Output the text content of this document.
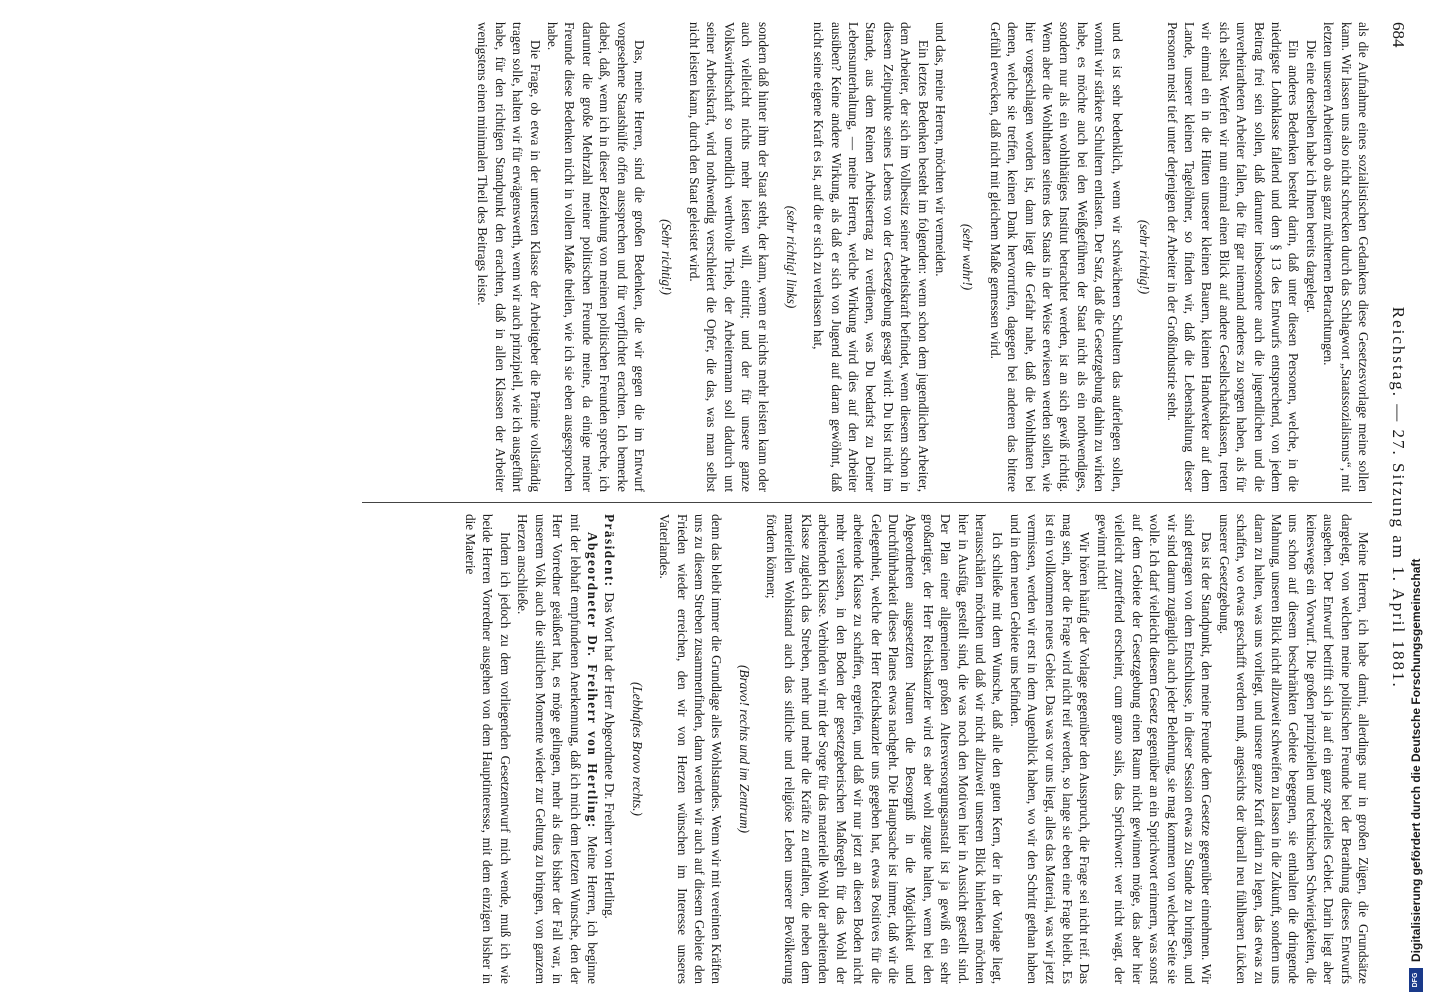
684
Reichstag. — 27. Sitzung am 1. April 1881.

als die Aufnahme eines sozialistischen Gedankens diese Gesetzesvorlage meine sollen kann. Wir lassen uns also nicht schrecken durch das Schlagwort „Staatssozialismus“, mit letzten unseren Arbeitern ob aus ganz nüchternen Betrachtungen.

Die eine derselben habe ich Ihnen bereits dargelegt.

Ein anderes Bedenken besteht darin, daß unter diesen Personen, welche, in die niedrigste Lohnklasse fallend und dem § 13 des Entwurfs entsprechend, von jedem Beitrag frei sein sollen, daß darunter insbesondere auch die jugendlichen und die unverheiratheten Arbeiter fallen, die für gar niemand anderes zu sorgen haben, als für sich selbst. Werfen wir nun einmal einen Blick auf andere Gesellschaftsklassen, treten wir einmal ein in die Hütten unserer kleinen Bauern, kleinen Handwerker auf dem Lande, unserer kleinen Tagelöhner, so finden wir, daß die Lebenshaltung dieser Personen meist tief unter derjenigen der Arbeiter in der Großindustrie steht.

(sehr richtig!)

und es ist sehr bedenklich, wenn wir schwächeren Schultern das auferlegen sollen, womit wir stärkere Schultern entlasten. Der Satz, daß die Gesetzgebung dahin zu wirken habe, es möchte auch bei den Weißgeführen der Staat nicht als ein nothwendiges, sondern nur als ein wohlthätiges Institut betrachtet werden, ist an sich gewiß richtig. Wenn aber die Wohlthaten seitens des Staats in der Weise erwiesen werden sollen, wie hier vorgeschlagen worden ist, dann liegt die Gefahr nahe, daß die Wohlthaten bei denen, welche sie treffen, keinen Dank hervorrufen, dagegen bei anderen das bittere Gefühl erwecken, daß nicht mit gleichem Maße gemessen wird.

(sehr wahr!)

und das, meine Herren, möchten wir vermeiden.

Ein letztes Bedenken besteht im folgenden: wenn schon dem jugendlichen Arbeiter, dem Arbeiter, der sich im Vollbesitz seiner Arbeitskraft befindet, wenn diesem schon in diesem Zeitpunkte seines Lebens von der Gesetzgebung gesagt wird: Du bist nicht im Stande, aus dem Reinen Arbeitsertrag zu verdienen, was Du bedarfst zu Deiner Lebensunterhaltung, — meine Herren, welche Wirkung wird dies auf den Arbeiter ausüben? Keine andere Wirkung, als daß er sich von Jugend auf daran gewöhnt, daß nicht seine eigene Kraft es ist, auf die er sich zu verlassen hat,

(sehr richtig! links)

sondern daß hinter ihm der Staat steht, der kann, wenn er nichts mehr leisten kann oder auch vielleicht nichts mehr leisten will, eintritt; und der für unsere ganze Volkswirthschaft so unendlich werthvolle Trieb, der Arbeitermann soll dadurch unt seiner Arbeitskraft, wird nothwendig verschleiert die Opfer, die das, was man selbst nicht leisten kann, durch den Staat geleistet wird.

(Sehr richtig!)

Das, meine Herren, sind die großen Bedenken, die wir gegen die im Entwurf vorgesehene Staatshülfe offen aussprechen und für verpflichtet erachten. Ich bemerke dabei, daß, wenn ich in dieser Beziehung von meinen politischen Freunden spreche, ich darunter die große Mehrzahl meiner politischen Freunde meine, da einige meiner Freunde diese Bedenken nicht in vollem Maße theilen, wie ich sie eben ausgesprochen habe.

Die Frage, ob etwa in der untersten Klasse der Arbeitgeber die Prämie vollständig tragen solle, halten wir für erwägenswerth, wenn wir auch prinzipiell, wie ich ausgeführt habe, für den richtigen Standpunkt den erachten, daß in allen Klassen der Arbeiter wenigstens einen minimalen Theil des Beitrags leiste.

Meine Herren, ich habe damit, allerdings nur in großen Zügen, die Grundsätze dargelegt, von welchen meine politischen Freunde bei der Berathung dieses Entwurfs ausgehen. Der Entwurf betrifft sich ja auf ein ganz spezielles Gebiet. Darin liegt aber keineswegs ein Vorwurf. Die großen prinzipiellen und technischen Schwierigkeiten, die uns schon auf diesem beschränkten Gebiete begegnen, sie enthalten die dringende Mahnung, unseren Blick nicht allzuweit schweifen zu lassen in die Zukunft, sondern uns daran zu halten, was uns vorliegt, und unsere ganze Kraft darin zu legen, das etwas zu schaffen, wo etwas geschafft werden muß, angesichts der überall neu fühlbaren Lücken unserer Gesetzgebung.

Das ist der Standpunkt, den meine Freunde dem Gesetze gegenüber einnehmen. Wir sind getragen von dem Entschlusse, in dieser Session etwas zu Stande zu bringen, und wir sind darum zugänglich auch jeder Belehrung, sie mag kommen von welcher Seite sie wolle. Ich darf vielleicht diesem Gesetz gegenüber an ein Sprichwort erinnern, was sonst auf dem Gebiete der Gesetzgebung einen Raum nicht gewinnen möge, das aber hier vielleicht zutreffend erscheint, cum grano salis, das Sprichwort: wer nicht wagt, der gewinnt nicht!

Wir hören häufig der Vorlage gegenüber den Ausspruch, die Frage sei nicht reif. Das mag sein, aber die Frage wird nicht reif werden, so lange sie eben eine Frage bleibt. Es ist ein vollkommen neues Gebiet. Das was vor uns liegt, alles das Material, was wir jetzt vermissen, werden wir erst in dem Augenblick haben, wo wir den Schritt gethan haben und in dem neuen Gebiete uns befinden.

Ich schließe mit dem Wunsche, daß alle den guten Kern, der in der Vorlage liegt, herausschälen möchten und daß wir nicht allzuweit unseren Blick hinlenken möchten hier in Ausfüg, gestellt sind, die was noch den Motiven hier in Aussicht gestellt sind. Der Plan einer allgemeinen großen Altersversorgungsanstalt ist ja gewiß ein sehr großartiger, der Herr Reichskanzler wird es aber wohl zugute halten, wenn bei den Abgeordneten ausgesetzten Naturen die Besorgniß in die Möglichkeit und Durchführbarkeit dieses Planes etwas nachgeht. Die Hauptsache ist immer, daß wir die Gelegenheit, welche der Herr Reichskanzler uns gegeben hat, etwas Positives für die arbeitende Klasse zu schaffen, ergreifen, und daß wir nur jetzt an diesen Boden nicht mehr verlassen, in den Boden der gesetzgeberischen Maßregeln für das Wohl der arbeitenden Klasse. Verbinden wir mit der Sorge für das materielle Wohl der arbeitenden Klasse zugleich das Streben, mehr und mehr die Kräfte zu entfalten, die neben dem materiellen Wohlstand auch das sittliche und religiöse Leben unserer Bevölkerung fördern können;

(Bravo! rechts und im Zentrum)

denn das bleibt immer die Grundlage alles Wohlstandes. Wenn wir mit vereinten Kräften uns zu diesem Streben zusammenfinden, dann werden wir auch auf diesem Gebiete den Frieden wieder erreichen, den wir von Herzen wünschen im Interesse unseres Vaterlandes.

(Lebhaftes Bravo rechts.)

Präsident: Das Wort hat der Herr Abgeordnete Dr. Freiherr von Hertling.

Abgeordneter Dr. Freiherr von Hertling: Meine Herren, ich beginne mit der lebhaft empfundenen Anerkennung, daß ich mich dem letzten Wunsche, den der Herr Vorredner geäußert hat, es möge gelingen, mehr als dies bisher der Fall war, in unserem Volk auch die sittlichen Momente wieder zur Geltung zu bringen, von ganzem Herzen anschließe.

Indem ich jedoch zu dem vorliegenden Gesetzentwurf mich wende, muß ich wie beide Herren Vorredner ausgehen von dem Hauptinteresse, mit dem einzigen bisher in die Materie

DFG
Digitalisierung gefördert durch die Deutsche Forschungsgemeinschaft
